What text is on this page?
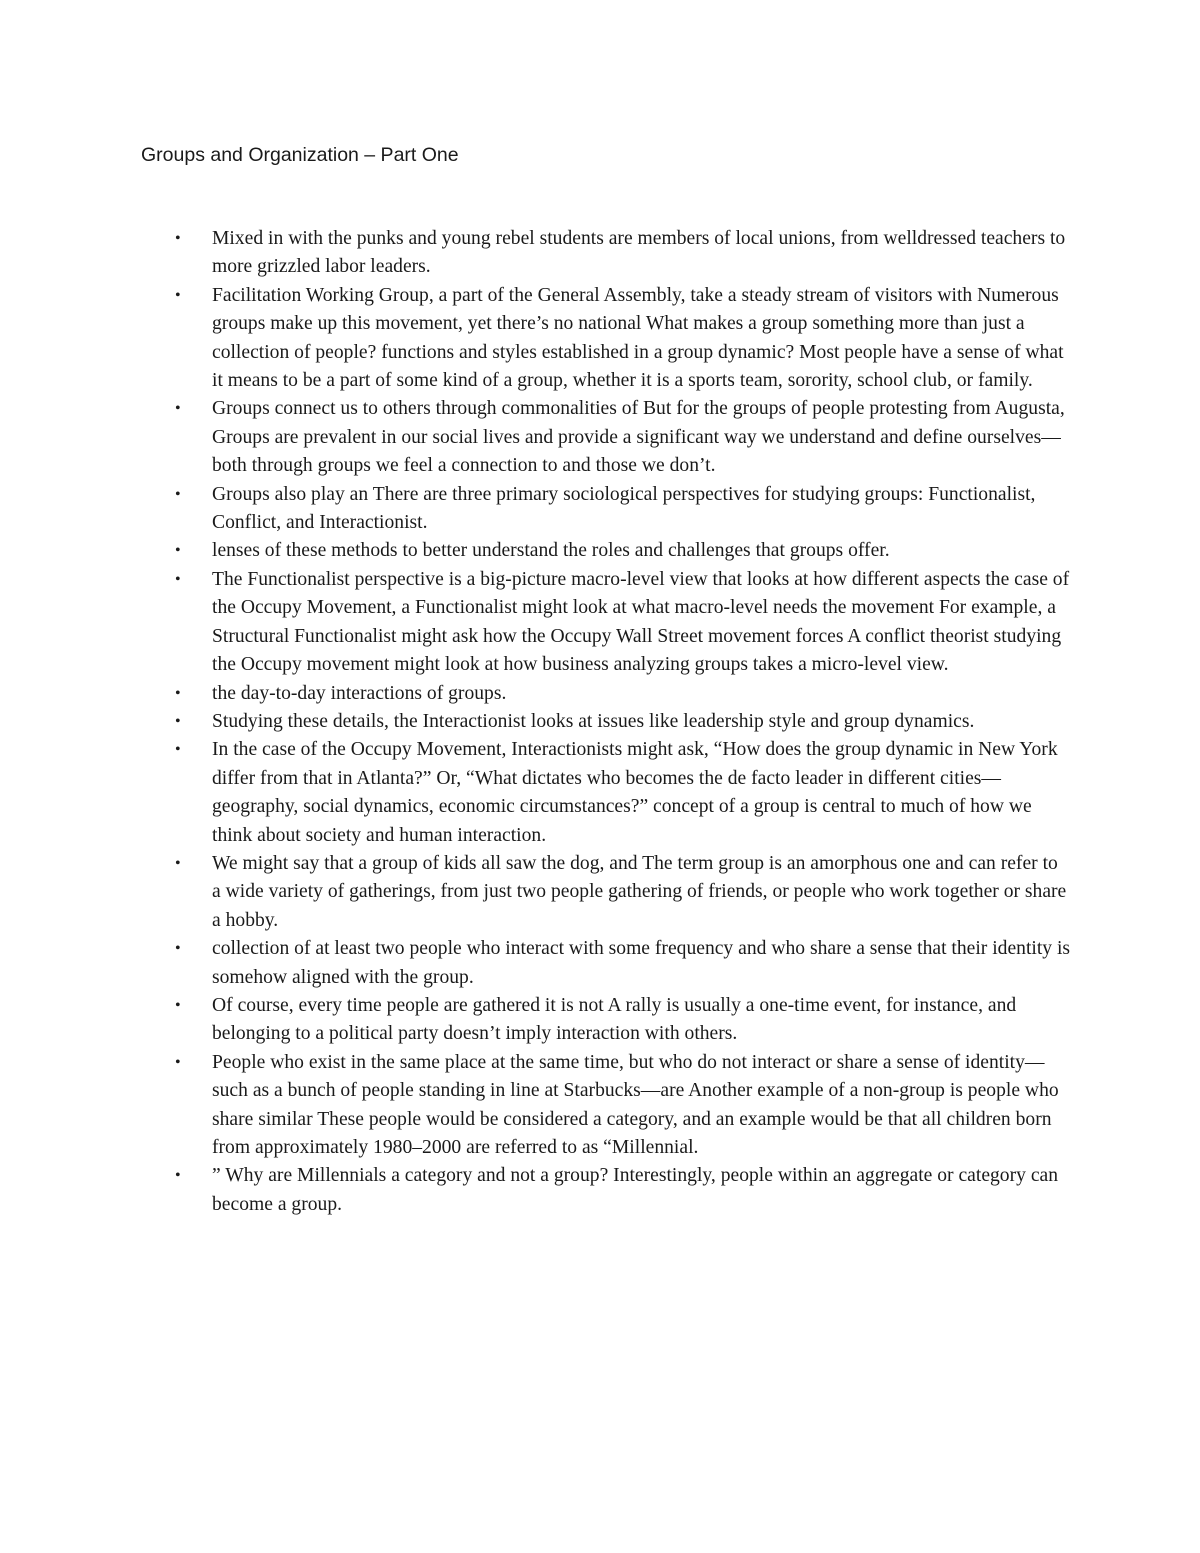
Groups and Organization – Part One
• Mixed in with the punks and young rebel students are members of local unions, from welldressed teachers to more grizzled labor leaders.
• Facilitation Working Group, a part of the General Assembly, take a steady stream of visitors with Numerous groups make up this movement, yet there’s no national What makes a group something more than just a collection of people? functions and styles established in a group dynamic? Most people have a sense of what it means to be a part of some kind of a group, whether it is a sports team, sorority, school club, or family.
• Groups connect us to others through commonalities of But for the groups of people protesting from Augusta, Groups are prevalent in our social lives and provide a significant way we understand and define ourselves—both through groups we feel a connection to and those we don’t.
• Groups also play an There are three primary sociological perspectives for studying groups: Functionalist, Conflict, and Interactionist.
• lenses of these methods to better understand the roles and challenges that groups offer.
• The Functionalist perspective is a big-picture macro-level view that looks at how different aspects the case of the Occupy Movement, a Functionalist might look at what macro-level needs the movement For example, a Structural Functionalist might ask how the Occupy Wall Street movement forces A conflict theorist studying the Occupy movement might look at how business analyzing groups takes a micro-level view.
• the day-to-day interactions of groups.
• Studying these details, the Interactionist looks at issues like leadership style and group dynamics.
• In the case of the Occupy Movement, Interactionists might ask, “How does the group dynamic in New York differ from that in Atlanta?” Or, “What dictates who becomes the de facto leader in different cities—geography, social dynamics, economic circumstances?” concept of a group is central to much of how we think about society and human interaction.
• We might say that a group of kids all saw the dog, and The term group is an amorphous one and can refer to a wide variety of gatherings, from just two people gathering of friends, or people who work together or share a hobby.
• collection of at least two people who interact with some frequency and who share a sense that their identity is somehow aligned with the group.
• Of course, every time people are gathered it is not A rally is usually a one-time event, for instance, and belonging to a political party doesn’t imply interaction with others.
• People who exist in the same place at the same time, but who do not interact or share a sense of identity—such as a bunch of people standing in line at Starbucks—are Another example of a non-group is people who share similar These people would be considered a category, and an example would be that all children born from approximately 1980–2000 are referred to as “Millennial.
• ” Why are Millennials a category and not a group? Interestingly, people within an aggregate or category can become a group.
